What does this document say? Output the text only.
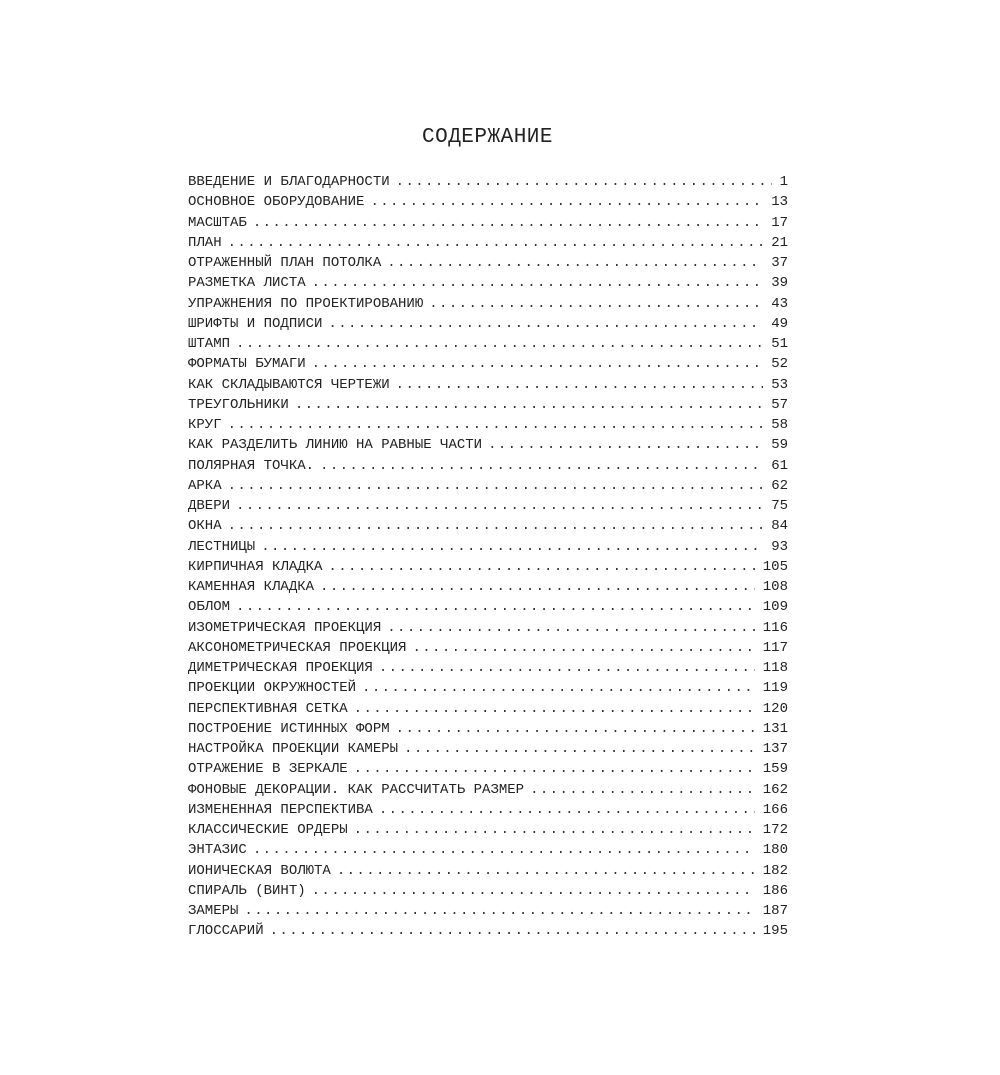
СОДЕРЖАНИЕ
ВВЕДЕНИЕ И БЛАГОДАРНОСТИ .....	1
ОСНОВНОЕ ОБОРУДОВАНИЕ .....	13
МАСШТАБ .....	17
ПЛАН .....	21
ОТРАЖЕННЫЙ ПЛАН ПОТОЛКА .....	37
РАЗМЕТКА ЛИСТА .....	39
УПРАЖНЕНИЯ ПО ПРОЕКТИРОВАНИЮ .....	43
ШРИФТЫ И ПОДПИСИ .....	49
ШТАМП .....	51
ФОРМАТЫ БУМАГИ .....	52
КАК СКЛАДЫВАЮТСЯ ЧЕРТЕЖИ .....	53
ТРЕУГОЛЬНИКИ .....	57
КРУГ .....	58
КАК РАЗДЕЛИТЬ ЛИНИЮ НА РАВНЫЕ ЧАСТИ .....	59
ПОЛЯРНАЯ ТОЧКА. .....	61
АРКА .....	62
ДВЕРИ .....	75
ОКНА .....	84
ЛЕСТНИЦЫ .....	93
КИРПИЧНАЯ КЛАДКА .....	105
КАМЕННАЯ КЛАДКА .....	108
ОБЛОМ .....	109
ИЗОМЕТРИЧЕСКАЯ ПРОЕКЦИЯ .....	116
АКСОНОМЕТРИЧЕСКАЯ ПРОЕКЦИЯ .....	117
ДИМЕТРИЧЕСКАЯ ПРОЕКЦИЯ .....	118
ПРОЕКЦИИ ОКРУЖНОСТЕЙ .....	119
ПЕРСПЕКТИВНАЯ СЕТКА .....	120
ПОСТРОЕНИЕ ИСТИННЫХ ФОРМ .....	131
НАСТРОЙКА ПРОЕКЦИИ КАМЕРЫ .....	137
ОТРАЖЕНИЕ В ЗЕРКАЛЕ .....	159
ФОНОВЫЕ ДЕКОРАЦИИ. КАК РАССЧИТАТЬ РАЗМЕР .....	162
ИЗМЕНЕННАЯ ПЕРСПЕКТИВА .....	166
КЛАССИЧЕСКИЕ ОРДЕРЫ .....	172
ЭНТАЗИС .....	180
ИОНИЧЕСКАЯ ВОЛЮТА .....	182
СПИРАЛЬ (ВИНТ) .....	186
ЗАМЕРЫ .....	187
ГЛОССАРИЙ .....	195
